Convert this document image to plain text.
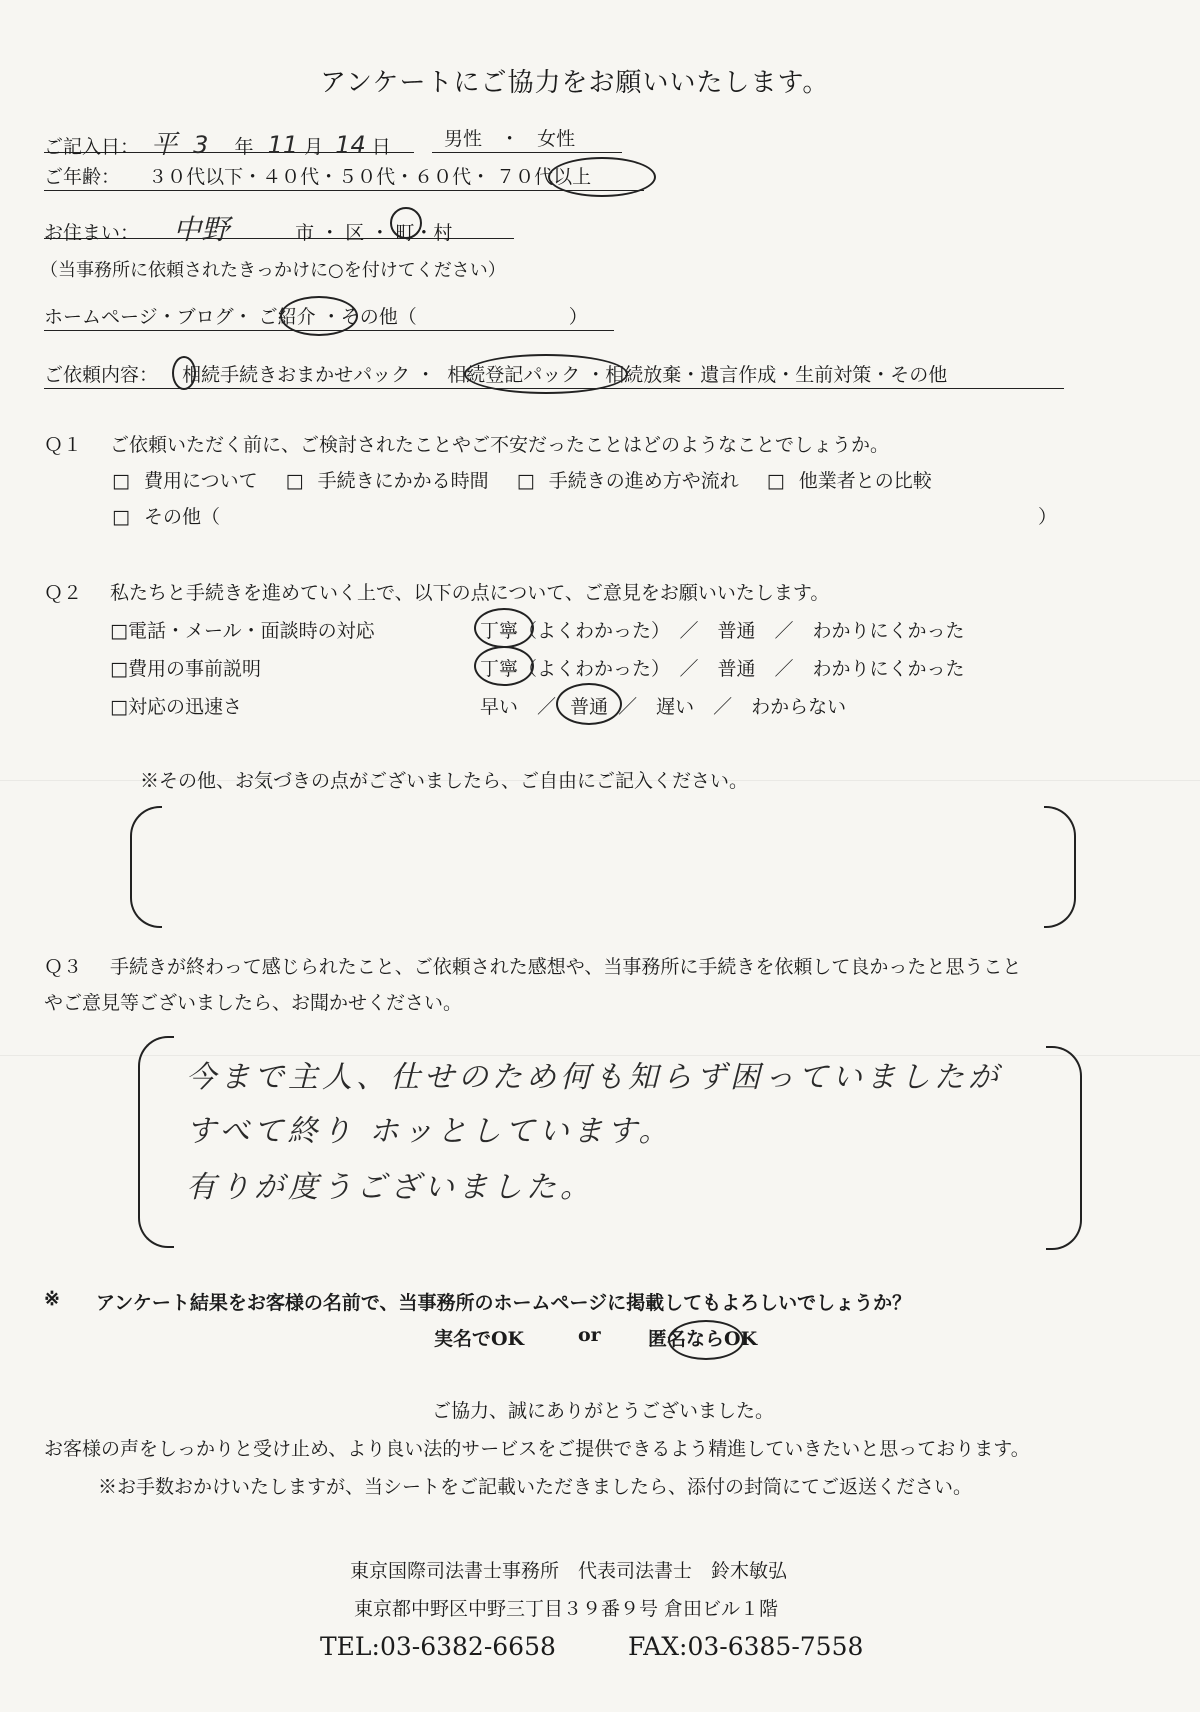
アンケートにご協力をお願いいたします。
ご記入日： 平 3 年 11 月 14 日	男性 ・ 女性
ご年齢： ３０代以下・４０代・５０代・６０代・ ７０代以上
お住まい： 中野	市 ・ 区 ・ 町・村
（当事務所に依頼されたきっかけに○を付けてください）
ホームページ・ブログ・ ご紹介 ・その他（　　　　　　　　）
ご依頼内容： 相続手続きおまかせパック ・ 相続登記パック ・相続放棄・遺言作成・生前対策・その他
Ｑ１ ご依頼いただく前に、ご検討されたことやご不安だったことはどのようなことでしょうか。
□ 費用について □ 手続きにかかる時間 □ 手続きの進め方や流れ □ 他業者との比較
□ その他（	）
Ｑ２ 私たちと手続きを進めていく上で、以下の点について、ご意見をお願いいたします。
□電話・メール・面談時の対応	丁寧（よくわかった）　／　普通　／　わかりにくかった
□費用の事前説明	丁寧（よくわかった）　／　普通　／　わかりにくかった
□対応の迅速さ	早い　／ 普通 ／　遅い　／　わからない
※その他、お気づきの点がございましたら、ご自由にご記入ください。
Ｑ３ 手続きが終わって感じられたこと、ご依頼された感想や、当事務所に手続きを依頼して良かったと思うこと
やご意見等ございましたら、お聞かせください。
今まで主人、仕せのため何も知らず困っていましたが
すべて終り ホッとしています。
有りが度うございました。
※ アンケート結果をお客様の名前で、当事務所のホームページに掲載してもよろしいでしょうか？
実名でOK	or 匿名ならOK
ご協力、誠にありがとうございました。
お客様の声をしっかりと受け止め、より良い法的サービスをご提供できるよう精進していきたいと思っております。
※お手数おかけいたしますが、当シートをご記載いただきましたら、添付の封筒にてご返送ください。
東京国際司法書士事務所　代表司法書士　鈴木敏弘
東京都中野区中野三丁目３９番９号 倉田ビル１階
TEL:03-6382-6658	FAX:03-6385-7558
